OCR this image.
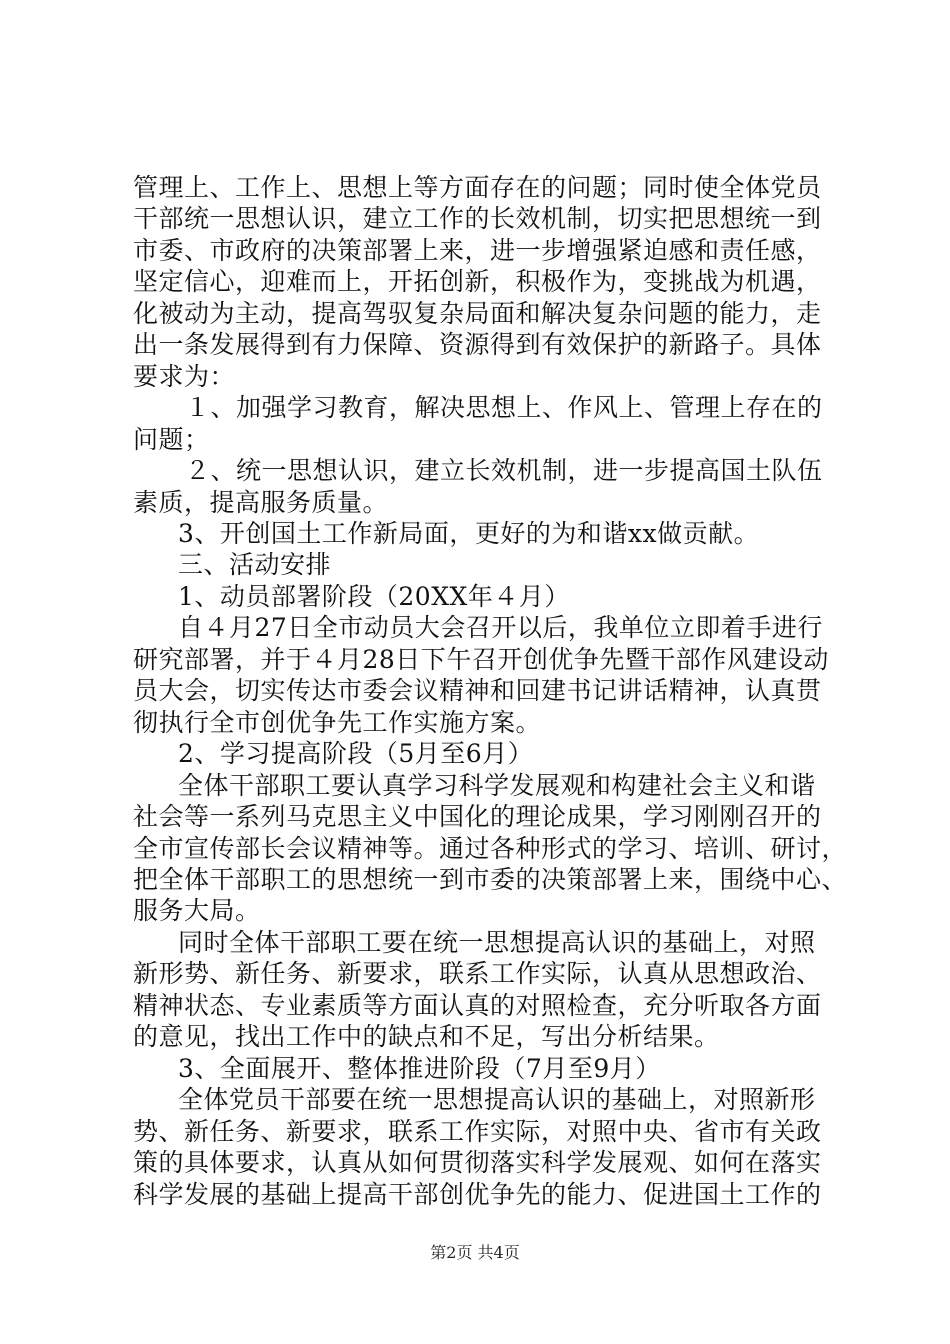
管理上、工作上、思想上等方面存在的问题；同时使全体党员
干部统一思想认识，建立工作的长效机制，切实把思想统一到
市委、市政府的决策部署上来，进一步增强紧迫感和责任感，
坚定信心，迎难而上，开拓创新，积极作为，变挑战为机遇，
化被动为主动，提高驾驭复杂局面和解决复杂问题的能力，走
出一条发展得到有力保障、资源得到有效保护的新路子。具体
要求为：
１、加强学习教育，解决思想上、作风上、管理上存在的
问题；
２、统一思想认识，建立长效机制，进一步提高国土队伍
素质，提高服务质量。
3、开创国土工作新局面，更好的为和谐xx做贡献。
三、活动安排
1、动员部署阶段（20XX年４月）
自４月27日全市动员大会召开以后，我单位立即着手进行
研究部署，并于４月28日下午召开创优争先暨干部作风建设动
员大会，切实传达市委会议精神和回建书记讲话精神，认真贯
彻执行全市创优争先工作实施方案。
2、学习提高阶段（5月至6月）
全体干部职工要认真学习科学发展观和构建社会主义和谐
社会等一系列马克思主义中国化的理论成果，学习刚刚召开的
全市宣传部长会议精神等。通过各种形式的学习、培训、研讨，
把全体干部职工的思想统一到市委的决策部署上来，围绕中心、
服务大局。
同时全体干部职工要在统一思想提高认识的基础上，对照
新形势、新任务、新要求，联系工作实际，认真从思想政治、
精神状态、专业素质等方面认真的对照检查，充分听取各方面
的意见，找出工作中的缺点和不足，写出分析结果。
3、全面展开、整体推进阶段（7月至9月）
全体党员干部要在统一思想提高认识的基础上，对照新形
势、新任务、新要求，联系工作实际，对照中央、省市有关政
策的具体要求，认真从如何贯彻落实科学发展观、如何在落实
科学发展的基础上提高干部创优争先的能力、促进国土工作的
第2页 共4页
